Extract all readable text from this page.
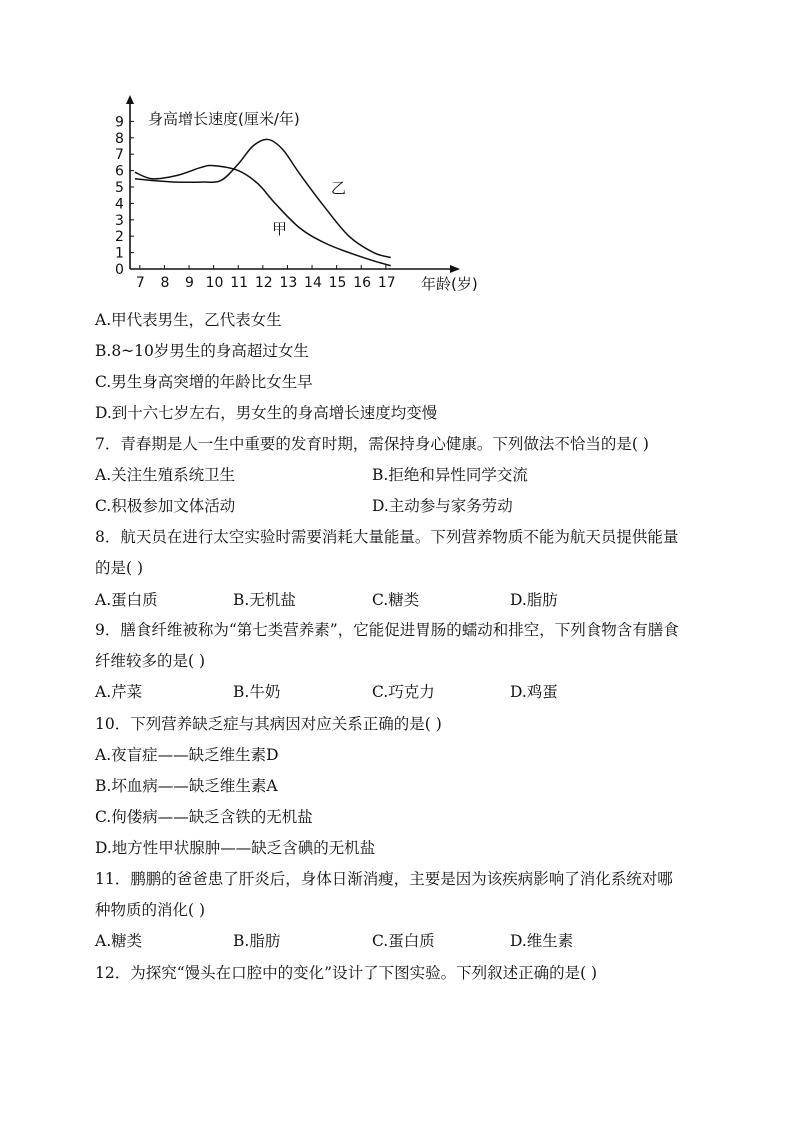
0
1
2
3
4
5
6
7
8
9
7 8 9 10 11 12 13 14 15 16 17
身高增长速度(厘米/年)
年龄(岁)
乙
甲
A.甲代表男生，乙代表女生
B.8~10岁男生的身高超过女生
C.男生身高突增的年龄比女生早
D.到十六七岁左右，男女生的身高增长速度均变慢
7．青春期是人一生中重要的发育时期，需保持身心健康。下列做法不恰当的是( )
A.关注生殖系统卫生	B.拒绝和异性同学交流
C.积极参加文体活动	D.主动参与家务劳动
8．航天员在进行太空实验时需要消耗大量能量。下列营养物质不能为航天员提供能量
的是( )
A.蛋白质	B.无机盐	C.糖类	D.脂肪
9．膳食纤维被称为“第七类营养素”，它能促进胃肠的蠕动和排空，下列食物含有膳食
纤维较多的是( )
A.芹菜	B.牛奶	C.巧克力	D.鸡蛋
10．下列营养缺乏症与其病因对应关系正确的是( )
A.夜盲症——缺乏维生素D
B.坏血病——缺乏维生素A
C.佝偻病——缺乏含铁的无机盐
D.地方性甲状腺肿——缺乏含碘的无机盐
11．鹏鹏的爸爸患了肝炎后，身体日渐消瘦，主要是因为该疾病影响了消化系统对哪
种物质的消化( )
A.糖类	B.脂肪	C.蛋白质	D.维生素
12．为探究“馒头在口腔中的变化”设计了下图实验。下列叙述正确的是( )
